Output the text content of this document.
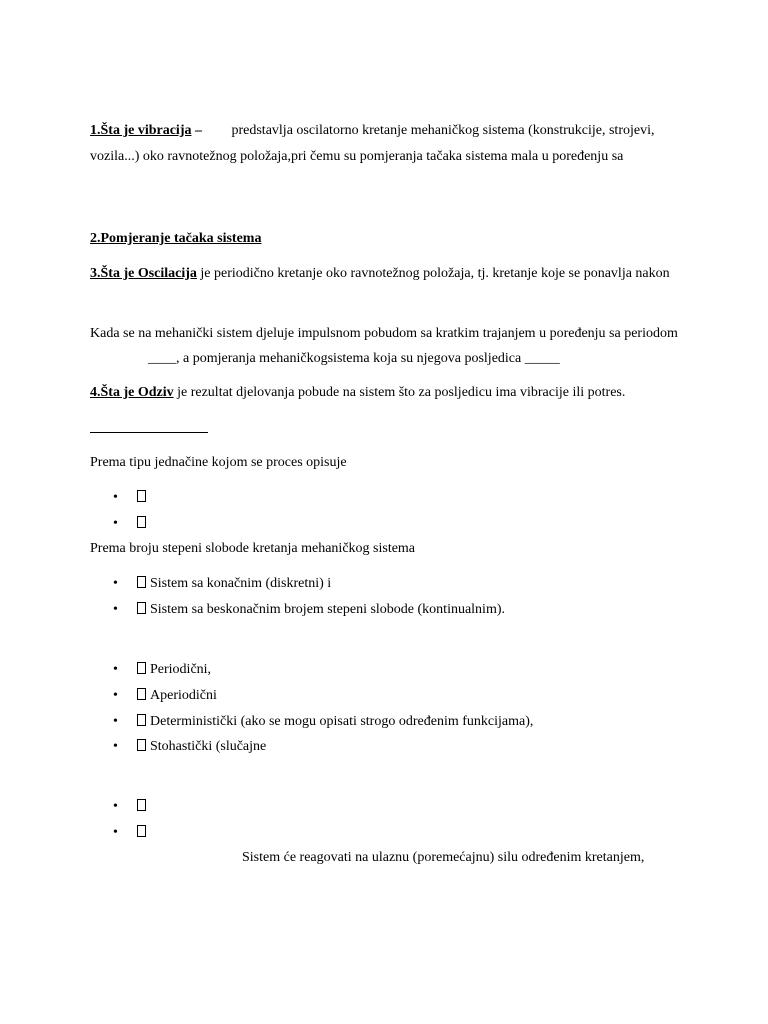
1.Šta je vibracija – predstavlja oscilatorno kretanje mehaničkog sistema (konstrukcije, strojevi,
vozila...) oko ravnotežnog položaja,pri čemu su pomjeranja tačaka sistema mala u poređenju sa
2.Pomjeranje tačaka sistema
3.Šta je Oscilacija je periodično kretanje oko ravnotežnog položaja, tj. kretanje koje se ponavlja nakon
Kada se na mehanički sistem djeluje impulsnom pobudom sa kratkim trajanjem u poređenju sa periodom
____, a pomjeranja mehaničkogsistema koja su njegova posljedica _____
4.Šta je Odziv je rezultat djelovanja pobude na sistem što za posljedicu ima vibracije ili potres.
Prema tipu jednačine kojom se proces opisuje
•
•
Prema broju stepeni slobode kretanja mehaničkog sistema
• Sistem sa konačnim (diskretni) i
• Sistem sa beskonačnim brojem stepeni slobode (kontinualnim).
• Periodični,
• Aperiodični
• Deterministički (ako se mogu opisati strogo određenim funkcijama),
• Stohastički (slučajne
•
•
Sistem će reagovati na ulaznu (poremećajnu) silu određenim kretanjem,
